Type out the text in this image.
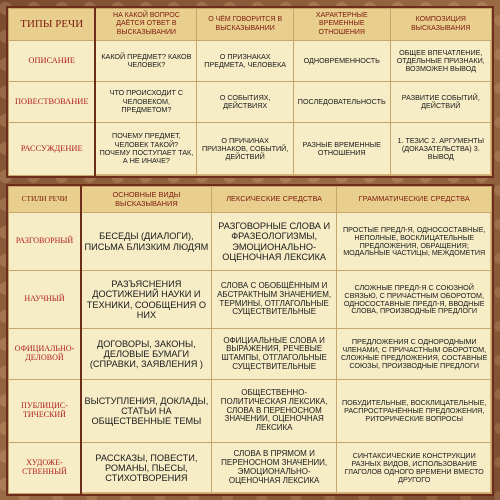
ТИПЫ РЕЧИ	НА КАКОЙ ВОПРОС ДАЁТСЯ ОТВЕТ В ВЫСКАЗЫВАНИИ	О ЧЁМ ГОВОРИТСЯ В ВЫСКАЗЫВАНИИ	ХАРАКТЕРНЫЕ ВРЕМЕННЫЕ ОТНОШЕНИЯ	КОМПОЗИЦИЯ ВЫСКАЗЫВАНИЯ
ОПИСАНИЕ	КАКОЙ ПРЕДМЕТ? КАКОВ ЧЕЛОВЕК?	О ПРИЗНАКАХ ПРЕДМЕТА, ЧЕЛОВЕКА	ОДНОВРЕМЕННОСТЬ	ОБЩЕЕ ВПЕЧАТЛЕНИЕ, ОТДЕЛЬНЫЕ ПРИЗНАКИ, ВОЗМОЖЕН ВЫВОД
ПОВЕСТВОВАНИЕ	ЧТО ПРОИСХОДИТ С ЧЕЛОВЕКОМ, ПРЕДМЕТОМ?	О СОБЫТИЯХ, ДЕЙСТВИЯХ	ПОСЛЕДОВАТЕЛЬНОСТЬ	РАЗВИТИЕ СОБЫТИЙ, ДЕЙСТВИЙ
РАССУЖДЕНИЕ	ПОЧЕМУ ПРЕДМЕТ, ЧЕЛОВЕК ТАКОЙ? ПОЧЕМУ ПОСТУПАЕТ ТАК, А НЕ ИНАЧЕ?	О ПРИЧИНАХ ПРИЗНАКОВ, СОБЫТИЙ, ДЕЙСТВИЙ	РАЗНЫЕ ВРЕМЕННЫЕ ОТНОШЕНИЯ	1. ТЕЗИС 2. АРГУМЕНТЫ (ДОКАЗАТЕЛЬСТВА) 3. ВЫВОД
СТИЛИ РЕЧИ	ОСНОВНЫЕ ВИДЫ ВЫСКАЗЫВАНИЯ	ЛЕКСИЧЕСКИЕ СРЕДСТВА	ГРАММАТИЧЕСКИЕ СРЕДСТВА
РАЗГОВОРНЫЙ	БЕСЕДЫ (ДИАЛОГИ), ПИСЬМА БЛИЗКИМ ЛЮДЯМ	РАЗГОВОРНЫЕ СЛОВА И ФРАЗЕОЛОГИЗМЫ, ЭМОЦИОНАЛЬНО-ОЦЕНОЧНАЯ ЛЕКСИКА	ПРОСТЫЕ ПРЕДЛ-Я, ОДНОСОСТАВНЫЕ, НЕПОЛНЫЕ, ВОСКЛИЦАТЕЛЬНЫЕ ПРЕДЛОЖЕНИЯ, ОБРАЩЕНИЯ; МОДАЛЬНЫЕ ЧАСТИЦЫ, МЕЖДОМЕТИЯ
НАУЧНЫЙ	РАЗЪЯСНЕНИЯ ДОСТИЖЕНИЙ НАУКИ И ТЕХНИКИ, СООБЩЕНИЯ О НИХ	СЛОВА С ОБОБЩЁННЫМ И АБСТРАКТНЫМ ЗНАЧЕНИЕМ, ТЕРМИНЫ, ОТГЛАГОЛЬНЫЕ СУЩЕСТВИТЕЛЬНЫЕ	СЛОЖНЫЕ ПРЕДЛ-Я С СОЮЗНОЙ СВЯЗЬЮ, С ПРИЧАСТНЫМ ОБОРОТОМ, ОДНОСОСТАВНЫЕ ПРЕДЛ-Я, ВВОДНЫЕ СЛОВА, ПРОИЗВОДНЫЕ ПРЕДЛОГИ
ОФИЦИАЛЬНО-ДЕЛОВОЙ	ДОГОВОРЫ, ЗАКОНЫ, ДЕЛОВЫЕ БУМАГИ (СПРАВКИ, ЗАЯВЛЕНИЯ )	ОФИЦИАЛЬНЫЕ СЛОВА И ВЫРАЖЕНИЯ, РЕЧЕВЫЕ ШТАМПЫ, ОТГЛАГОЛЬНЫЕ СУЩЕСТВИТЕЛЬНЫЕ	ПРЕДЛОЖЕНИЯ С ОДНОРОДНЫМИ ЧЛЕНАМИ, С ПРИЧАСТНЫМ ОБОРОТОМ, СЛОЖНЫЕ ПРЕДЛОЖЕНИЯ, СОСТАВНЫЕ СОЮЗЫ, ПРОИЗВОДНЫЕ ПРЕДЛОГИ
ПУБЛИЦИС-ТИЧЕСКИЙ	ВЫСТУПЛЕНИЯ, ДОКЛАДЫ, СТАТЬИ НА ОБЩЕСТВЕННЫЕ ТЕМЫ	ОБЩЕСТВЕННО-ПОЛИТИЧЕСКАЯ ЛЕКСИКА, СЛОВА В ПЕРЕНОСНОМ ЗНАЧЕНИИ, ОЦЕНОЧНАЯ ЛЕКСИКА	ПОБУДИТЕЛЬНЫЕ, ВОСКЛИЦАТЕЛЬНЫЕ, РАСПРОСТРАНЁННЫЕ ПРЕДЛОЖЕНИЯ, РИТОРИЧЕСКИЕ ВОПРОСЫ
ХУДОЖЕ-СТВЕННЫЙ	РАССКАЗЫ, ПОВЕСТИ, РОМАНЫ, ПЬЕСЫ, СТИХОТВОРЕНИЯ	СЛОВА В ПРЯМОМ И ПЕРЕНОСНОМ ЗНАЧЕНИИ, ЭМОЦИОНАЛЬНО-ОЦЕНОЧНАЯ ЛЕКСИКА	СИНТАКСИЧЕСКИЕ КОНСТРУКЦИИ РАЗНЫХ ВИДОВ, ИСПОЛЬЗОВАНИЕ ГЛАГОЛОВ ОДНОГО ВРЕМЕНИ ВМЕСТО ДРУГОГО
